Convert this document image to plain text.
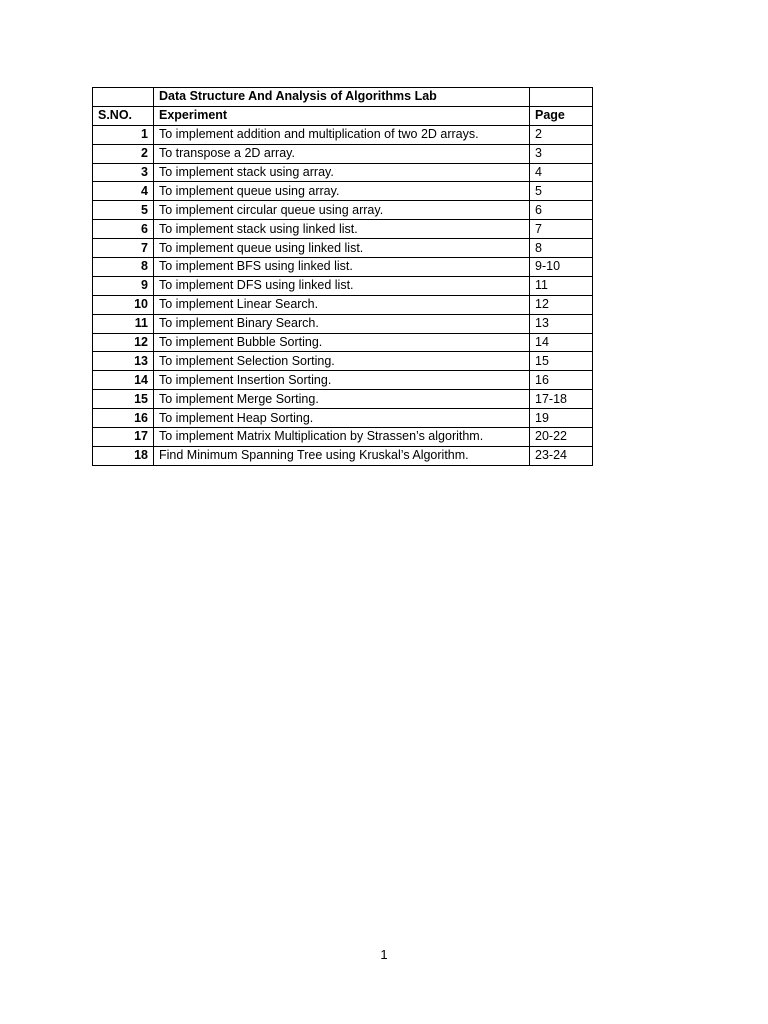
	Data Structure And Analysis of Algorithms Lab	
S.NO.	Experiment	Page
1	To implement addition and multiplication of two 2D arrays.	2
2	To transpose a 2D array.	3
3	To implement stack using array.	4
4	To implement queue using array.	5
5	To implement circular queue using array.	6
6	To implement stack using linked list.	7
7	To implement queue using linked list.	8
8	To implement BFS using linked list.	9-10
9	To implement DFS using linked list.	11
10	To implement Linear Search.	12
11	To implement Binary Search.	13
12	To implement Bubble Sorting.	14
13	To implement Selection Sorting.	15
14	To implement Insertion Sorting.	16
15	To implement Merge Sorting.	17-18
16	To implement Heap Sorting.	19
17	To implement Matrix Multiplication by Strassen’s algorithm.	20-22
18	Find Minimum Spanning Tree using Kruskal’s Algorithm.	23-24
1
